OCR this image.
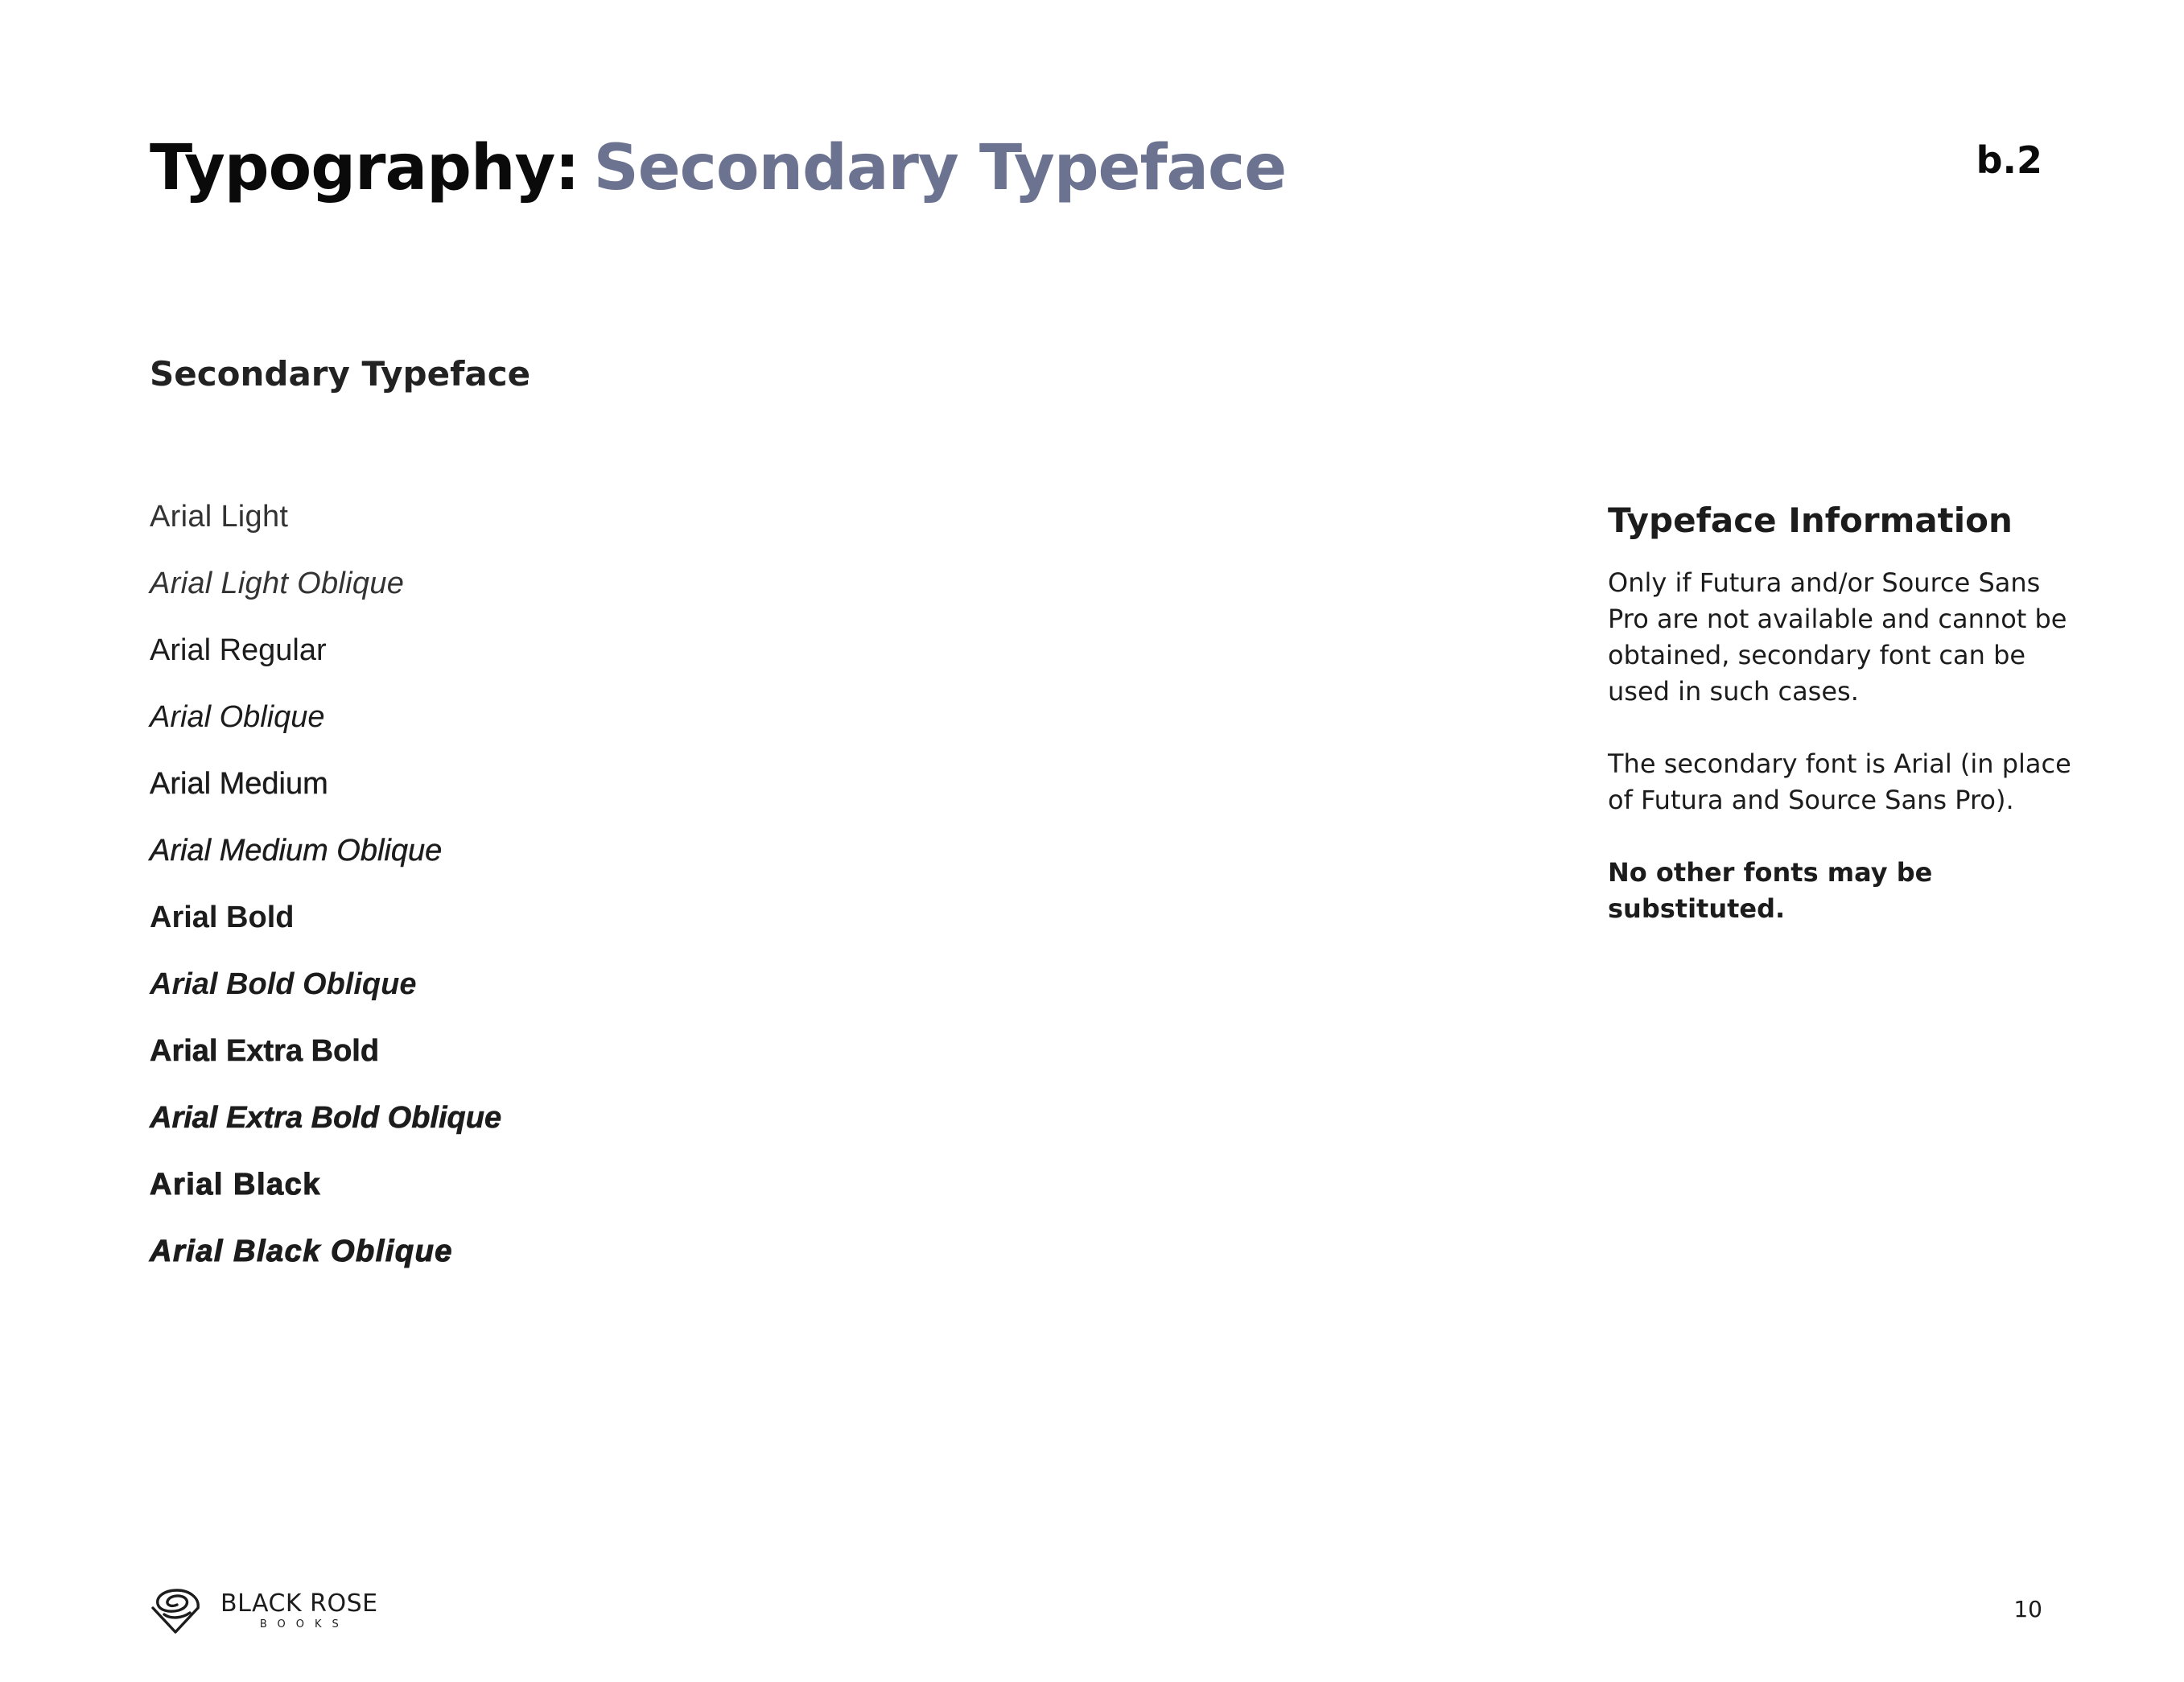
Typography: Secondary Typeface	b.2
Secondary Typeface
Arial Light
Arial Light Oblique
Arial Regular
Arial Oblique
Arial Medium
Arial Medium Oblique
Arial Bold
Arial Bold Oblique
Arial Extra Bold
Arial Extra Bold Oblique
Arial Black
Arial Black Oblique
Typeface Information

Only if Futura and/or Source Sans Pro are not available and cannot be obtained, secondary font can be used in such cases.

The secondary font is Arial (in place of Futura and Source Sans Pro).

No other fonts may be substituted.

BLACK ROSE
BOOKS
10
